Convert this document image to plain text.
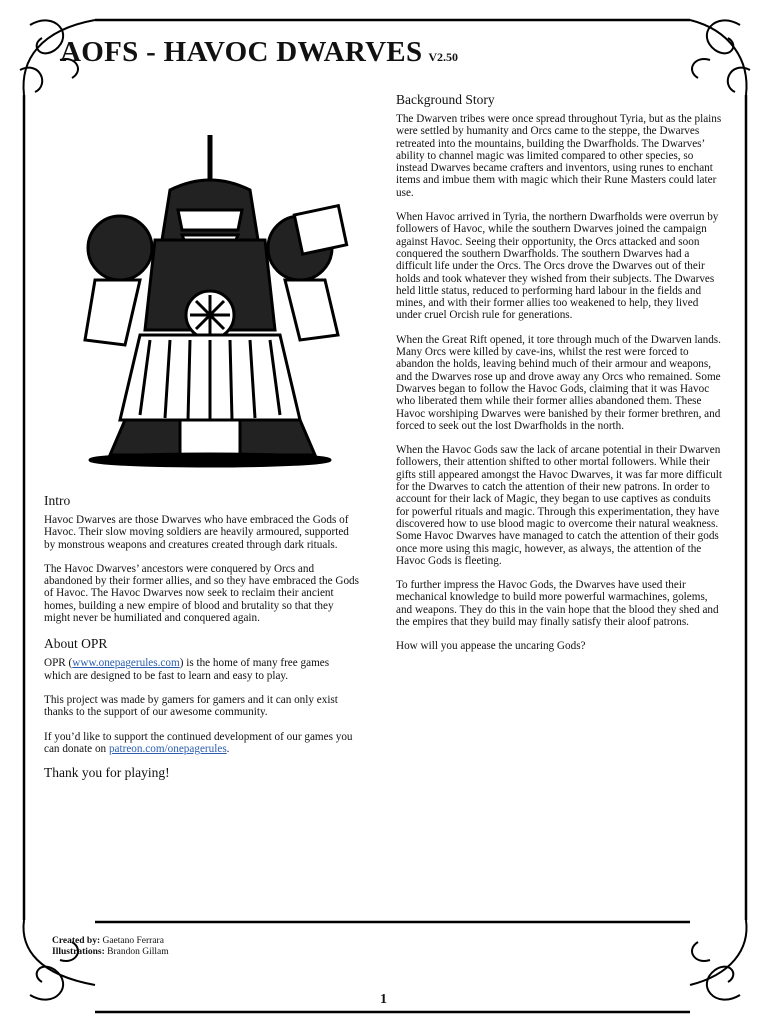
AOFS - HAVOC DWARVES V2.50
Intro

Havoc Dwarves are those Dwarves who have embraced the Gods of Havoc. Their slow moving soldiers are heavily armoured, supported by monstrous weapons and creatures created through dark rituals.

The Havoc Dwarves’ ancestors were conquered by Orcs and abandoned by their former allies, and so they have embraced the Gods of Havoc. The Havoc Dwarves now seek to reclaim their ancient homes, building a new empire of blood and brutality so that they might never be humiliated and conquered again.

About OPR

OPR (www.onepagerules.com) is the home of many free games which are designed to be fast to learn and easy to play.

This project was made by gamers for gamers and it can only exist thanks to the support of our awesome community.

If you’d like to support the continued development of our games you can donate on patreon.com/onepagerules.

Thank you for playing!
Background Story

The Dwarven tribes were once spread throughout Tyria, but as the plains were settled by humanity and Orcs came to the steppe, the Dwarves retreated into the mountains, building the Dwarfholds. The Dwarves’ ability to channel magic was limited compared to other species, so instead Dwarves became crafters and inventors, using runes to enchant items and imbue them with magic which their Rune Masters could later use.

When Havoc arrived in Tyria, the northern Dwarfholds were overrun by followers of Havoc, while the southern Dwarves joined the campaign against Havoc. Seeing their opportunity, the Orcs attacked and soon conquered the southern Dwarfholds. The southern Dwarves had a difficult life under the Orcs. The Orcs drove the Dwarves out of their holds and took whatever they wished from their subjects. The Dwarves held little status, reduced to performing hard labour in the fields and mines, and with their former allies too weakened to help, they lived under cruel Orcish rule for generations.

When the Great Rift opened, it tore through much of the Dwarven lands. Many Orcs were killed by cave-ins, whilst the rest were forced to abandon the holds, leaving behind much of their armour and weapons, and the Dwarves rose up and drove away any Orcs who remained. Some Dwarves began to follow the Havoc Gods, claiming that it was Havoc who liberated them while their former allies abandoned them. These Havoc worshiping Dwarves were banished by their former brethren, and forced to seek out the lost Dwarfholds in the north.

When the Havoc Gods saw the lack of arcane potential in their Dwarven followers, their attention shifted to other mortal followers. While their gifts still appeared amongst the Havoc Dwarves, it was far more difficult for the Dwarves to catch the attention of their new patrons. In order to account for their lack of Magic, they began to use captives as conduits for powerful rituals and magic. Through this experimentation, they have discovered how to use blood magic to overcome their natural weakness. Some Havoc Dwarves have managed to catch the attention of their gods once more using this magic, however, as always, the attention of the Havoc Gods is fleeting.

To further impress the Havoc Gods, the Dwarves have used their mechanical knowledge to build more powerful warmachines, golems, and weapons. They do this in the vain hope that the blood they shed and the empires that they build may finally satisfy their aloof patrons.

How will you appease the uncaring Gods?

Created by: Gaetano Ferrara
Illustrations: Brandon Gillam
1
